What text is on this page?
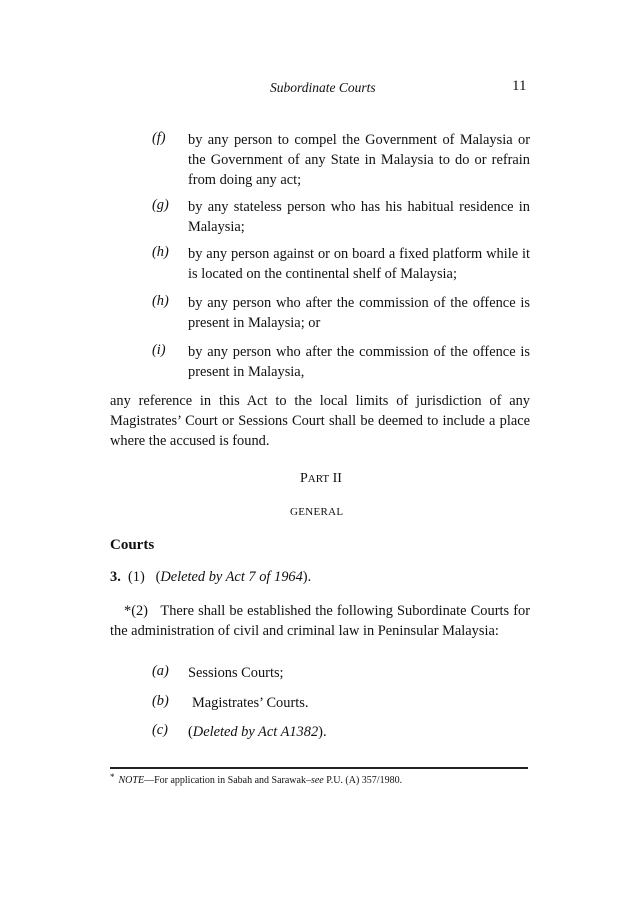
Subordinate Courts	11
(f) by any person to compel the Government of Malaysia or the Government of any State in Malaysia to do or refrain from doing any act;
(g) by any stateless person who has his habitual residence in Malaysia;
(h) by any person against or on board a fixed platform while it is located on the continental shelf of Malaysia;
(h) by any person who after the commission of the offence is present in Malaysia; or
(i) by any person who after the commission of the offence is present in Malaysia,
any reference in this Act to the local limits of jurisdiction of any Magistrates’ Court or Sessions Court shall be deemed to include a place where the accused is found.
PART II
GENERAL
Courts
3. (1) (Deleted by Act 7 of 1964).
*(2) There shall be established the following Subordinate Courts for the administration of civil and criminal law in Peninsular Malaysia:
(a) Sessions Courts;
(b) Magistrates’ Courts.
(c) (Deleted by Act A1382).
* NOTE—For application in Sabah and Sarawak–see P.U. (A) 357/1980.
